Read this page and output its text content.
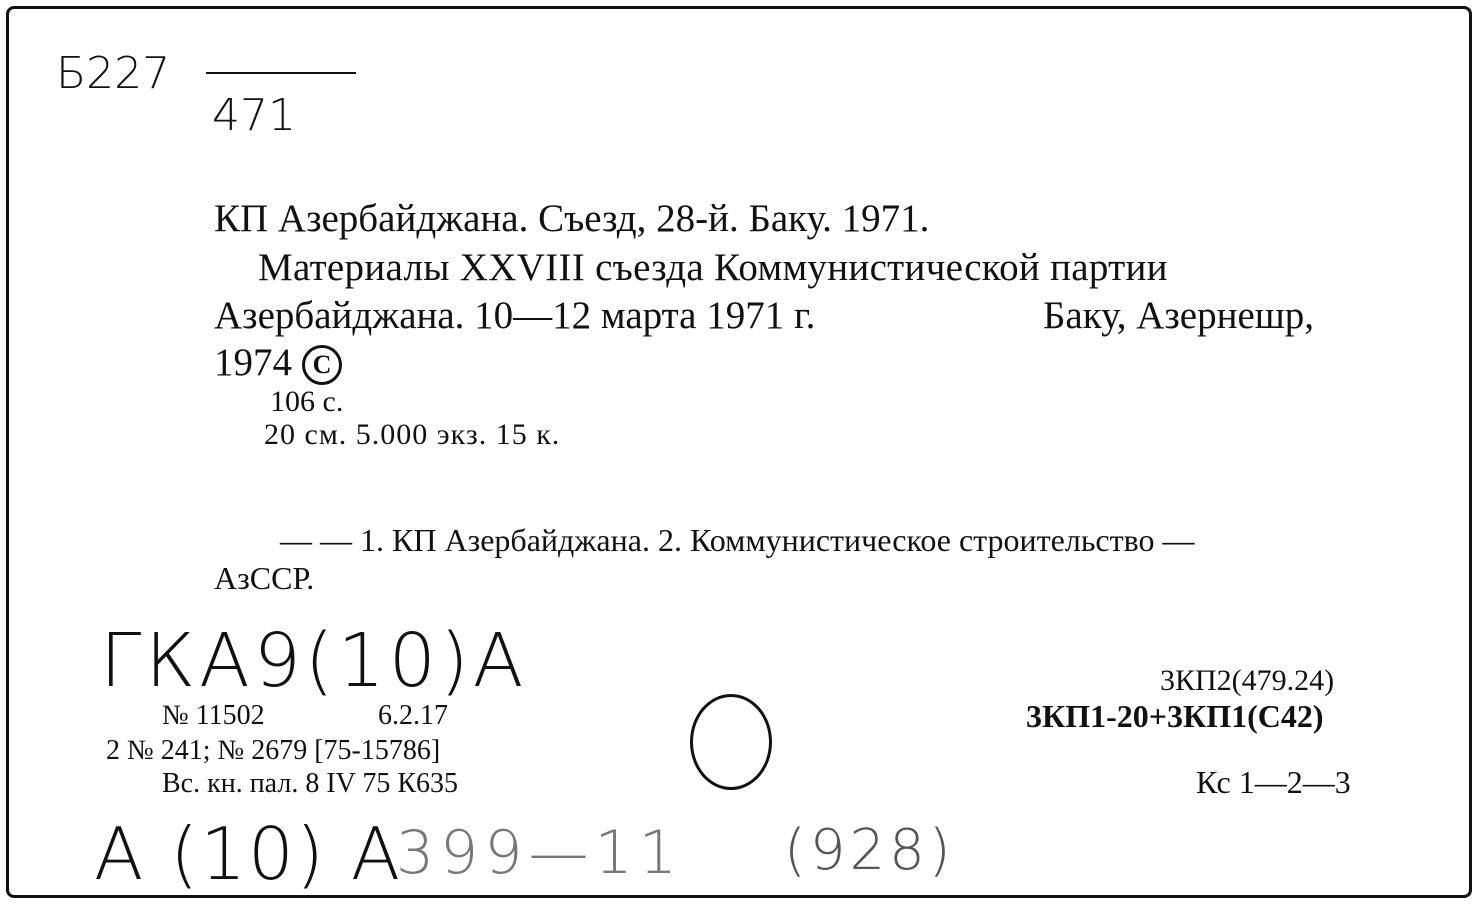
Б227
471
КП Азербайджана. Съезд, 28-й. Баку. 1971.
Материалы XXVIII съезда Коммунистической партии
Азербайджана. 10—12 марта 1971 г.	Баку, Азернешр,
1974 C
106 с.
20 см. 5.000 экз. 15 к.
— — 1. КП Азербайджана. 2. Коммунистическое строительство —
АзССР.
ГКА9(10)А
№ 11502	6.2.17
2 № 241; № 2679 [75-15786]
Вс. кн. пал. 8 IV 75 К635
3КП2(479.24)
3КП1-20+3КП1(С42)
Кс 1—2—3
А (10) А
399—11 (928)
